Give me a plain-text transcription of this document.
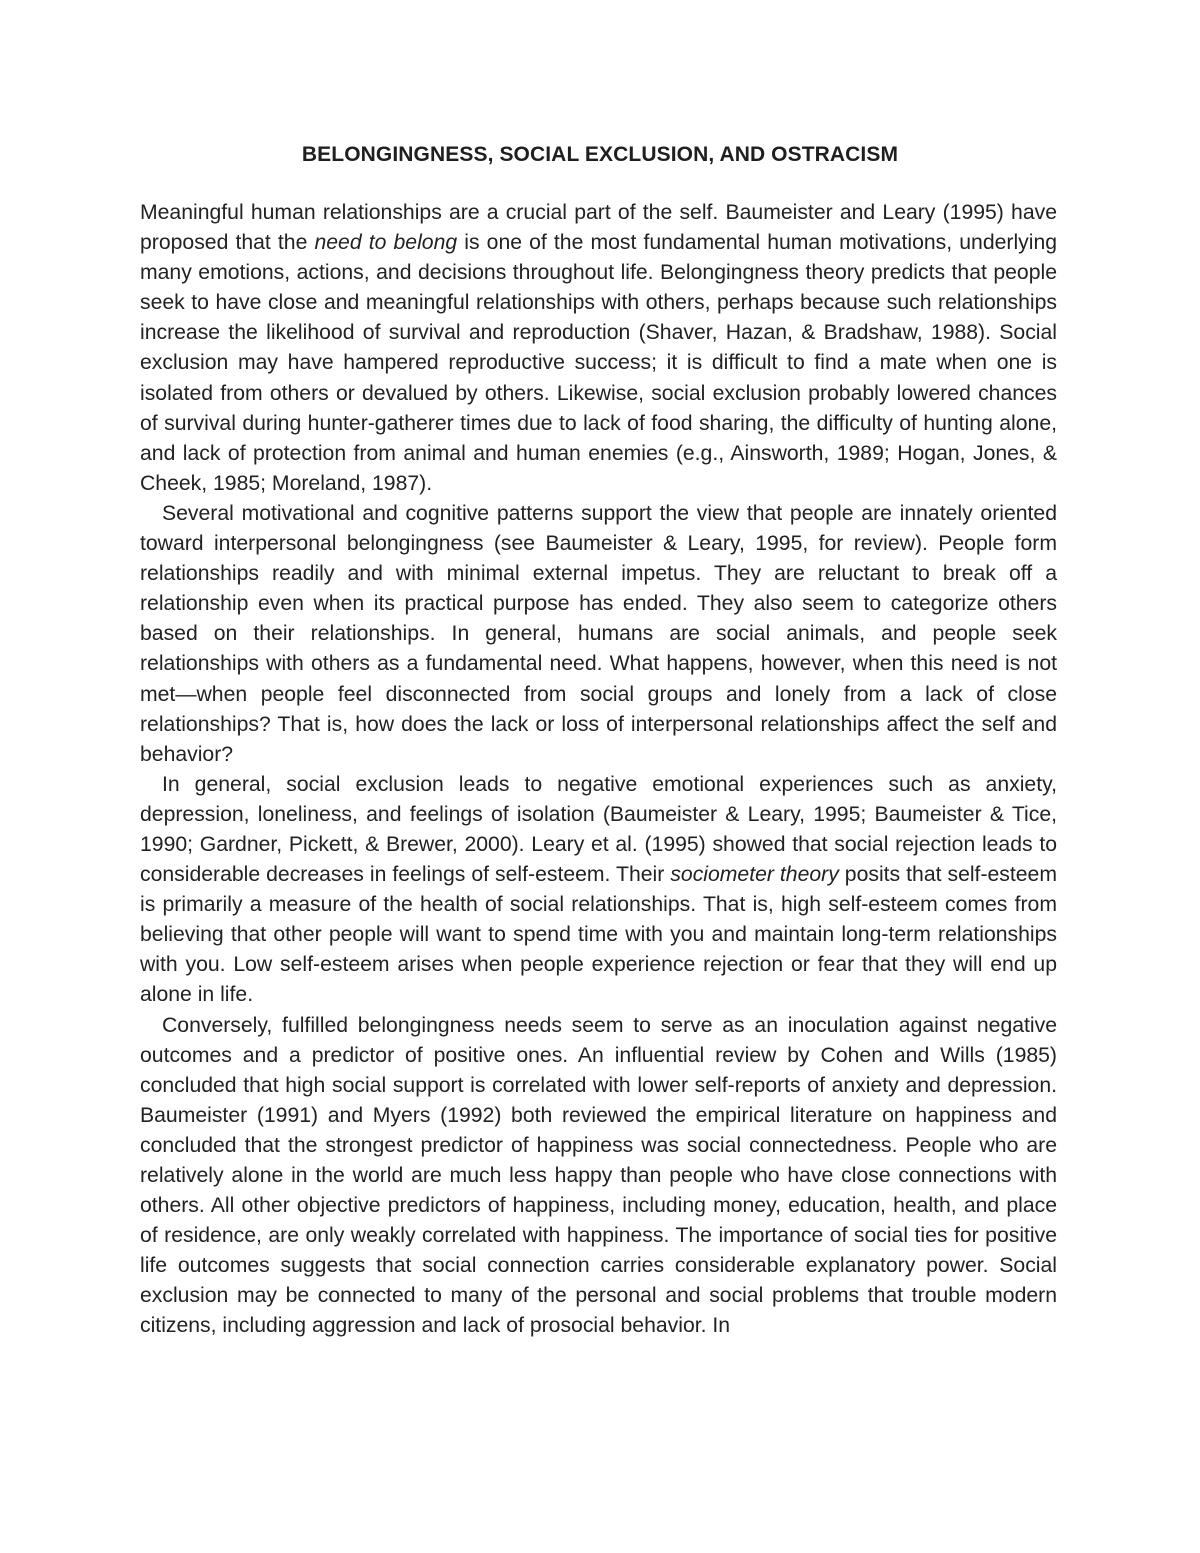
BELONGINGNESS, SOCIAL EXCLUSION, AND OSTRACISM

Meaningful human relationships are a crucial part of the self. Baumeister and Leary (1995) have proposed that the need to belong is one of the most fundamental human motivations, underlying many emotions, actions, and decisions throughout life. Belongingness theory predicts that people seek to have close and meaningful relationships with others, perhaps because such relationships increase the likelihood of survival and reproduction (Shaver, Hazan, & Bradshaw, 1988). Social exclusion may have hampered reproductive success; it is difficult to find a mate when one is isolated from others or devalued by others. Likewise, social exclusion probably lowered chances of survival during hunter-gatherer times due to lack of food sharing, the difficulty of hunting alone, and lack of protection from animal and human enemies (e.g., Ainsworth, 1989; Hogan, Jones, & Cheek, 1985; Moreland, 1987).

Several motivational and cognitive patterns support the view that people are innately oriented toward interpersonal belongingness (see Baumeister & Leary, 1995, for review). People form relationships readily and with minimal external impetus. They are reluctant to break off a relationship even when its practical purpose has ended. They also seem to categorize others based on their relationships. In general, humans are social animals, and people seek relationships with others as a fundamental need. What happens, however, when this need is not met—when people feel disconnected from social groups and lonely from a lack of close relationships? That is, how does the lack or loss of interpersonal relationships affect the self and behavior?

In general, social exclusion leads to negative emotional experiences such as anxiety, depression, loneliness, and feelings of isolation (Baumeister & Leary, 1995; Baumeister & Tice, 1990; Gardner, Pickett, & Brewer, 2000). Leary et al. (1995) showed that social rejection leads to considerable decreases in feelings of self-esteem. Their sociometer theory posits that self-esteem is primarily a measure of the health of social relationships. That is, high self-esteem comes from believing that other people will want to spend time with you and maintain long-term relationships with you. Low self-esteem arises when people experience rejection or fear that they will end up alone in life.

Conversely, fulfilled belongingness needs seem to serve as an inoculation against negative outcomes and a predictor of positive ones. An influential review by Cohen and Wills (1985) concluded that high social support is correlated with lower self-reports of anxiety and depression. Baumeister (1991) and Myers (1992) both reviewed the empirical literature on happiness and concluded that the strongest predictor of happiness was social connectedness. People who are relatively alone in the world are much less happy than people who have close connections with others. All other objective predictors of happiness, including money, education, health, and place of residence, are only weakly correlated with happiness. The importance of social ties for positive life outcomes suggests that social connection carries considerable explanatory power. Social exclusion may be connected to many of the personal and social problems that trouble modern citizens, including aggression and lack of prosocial behavior. In
